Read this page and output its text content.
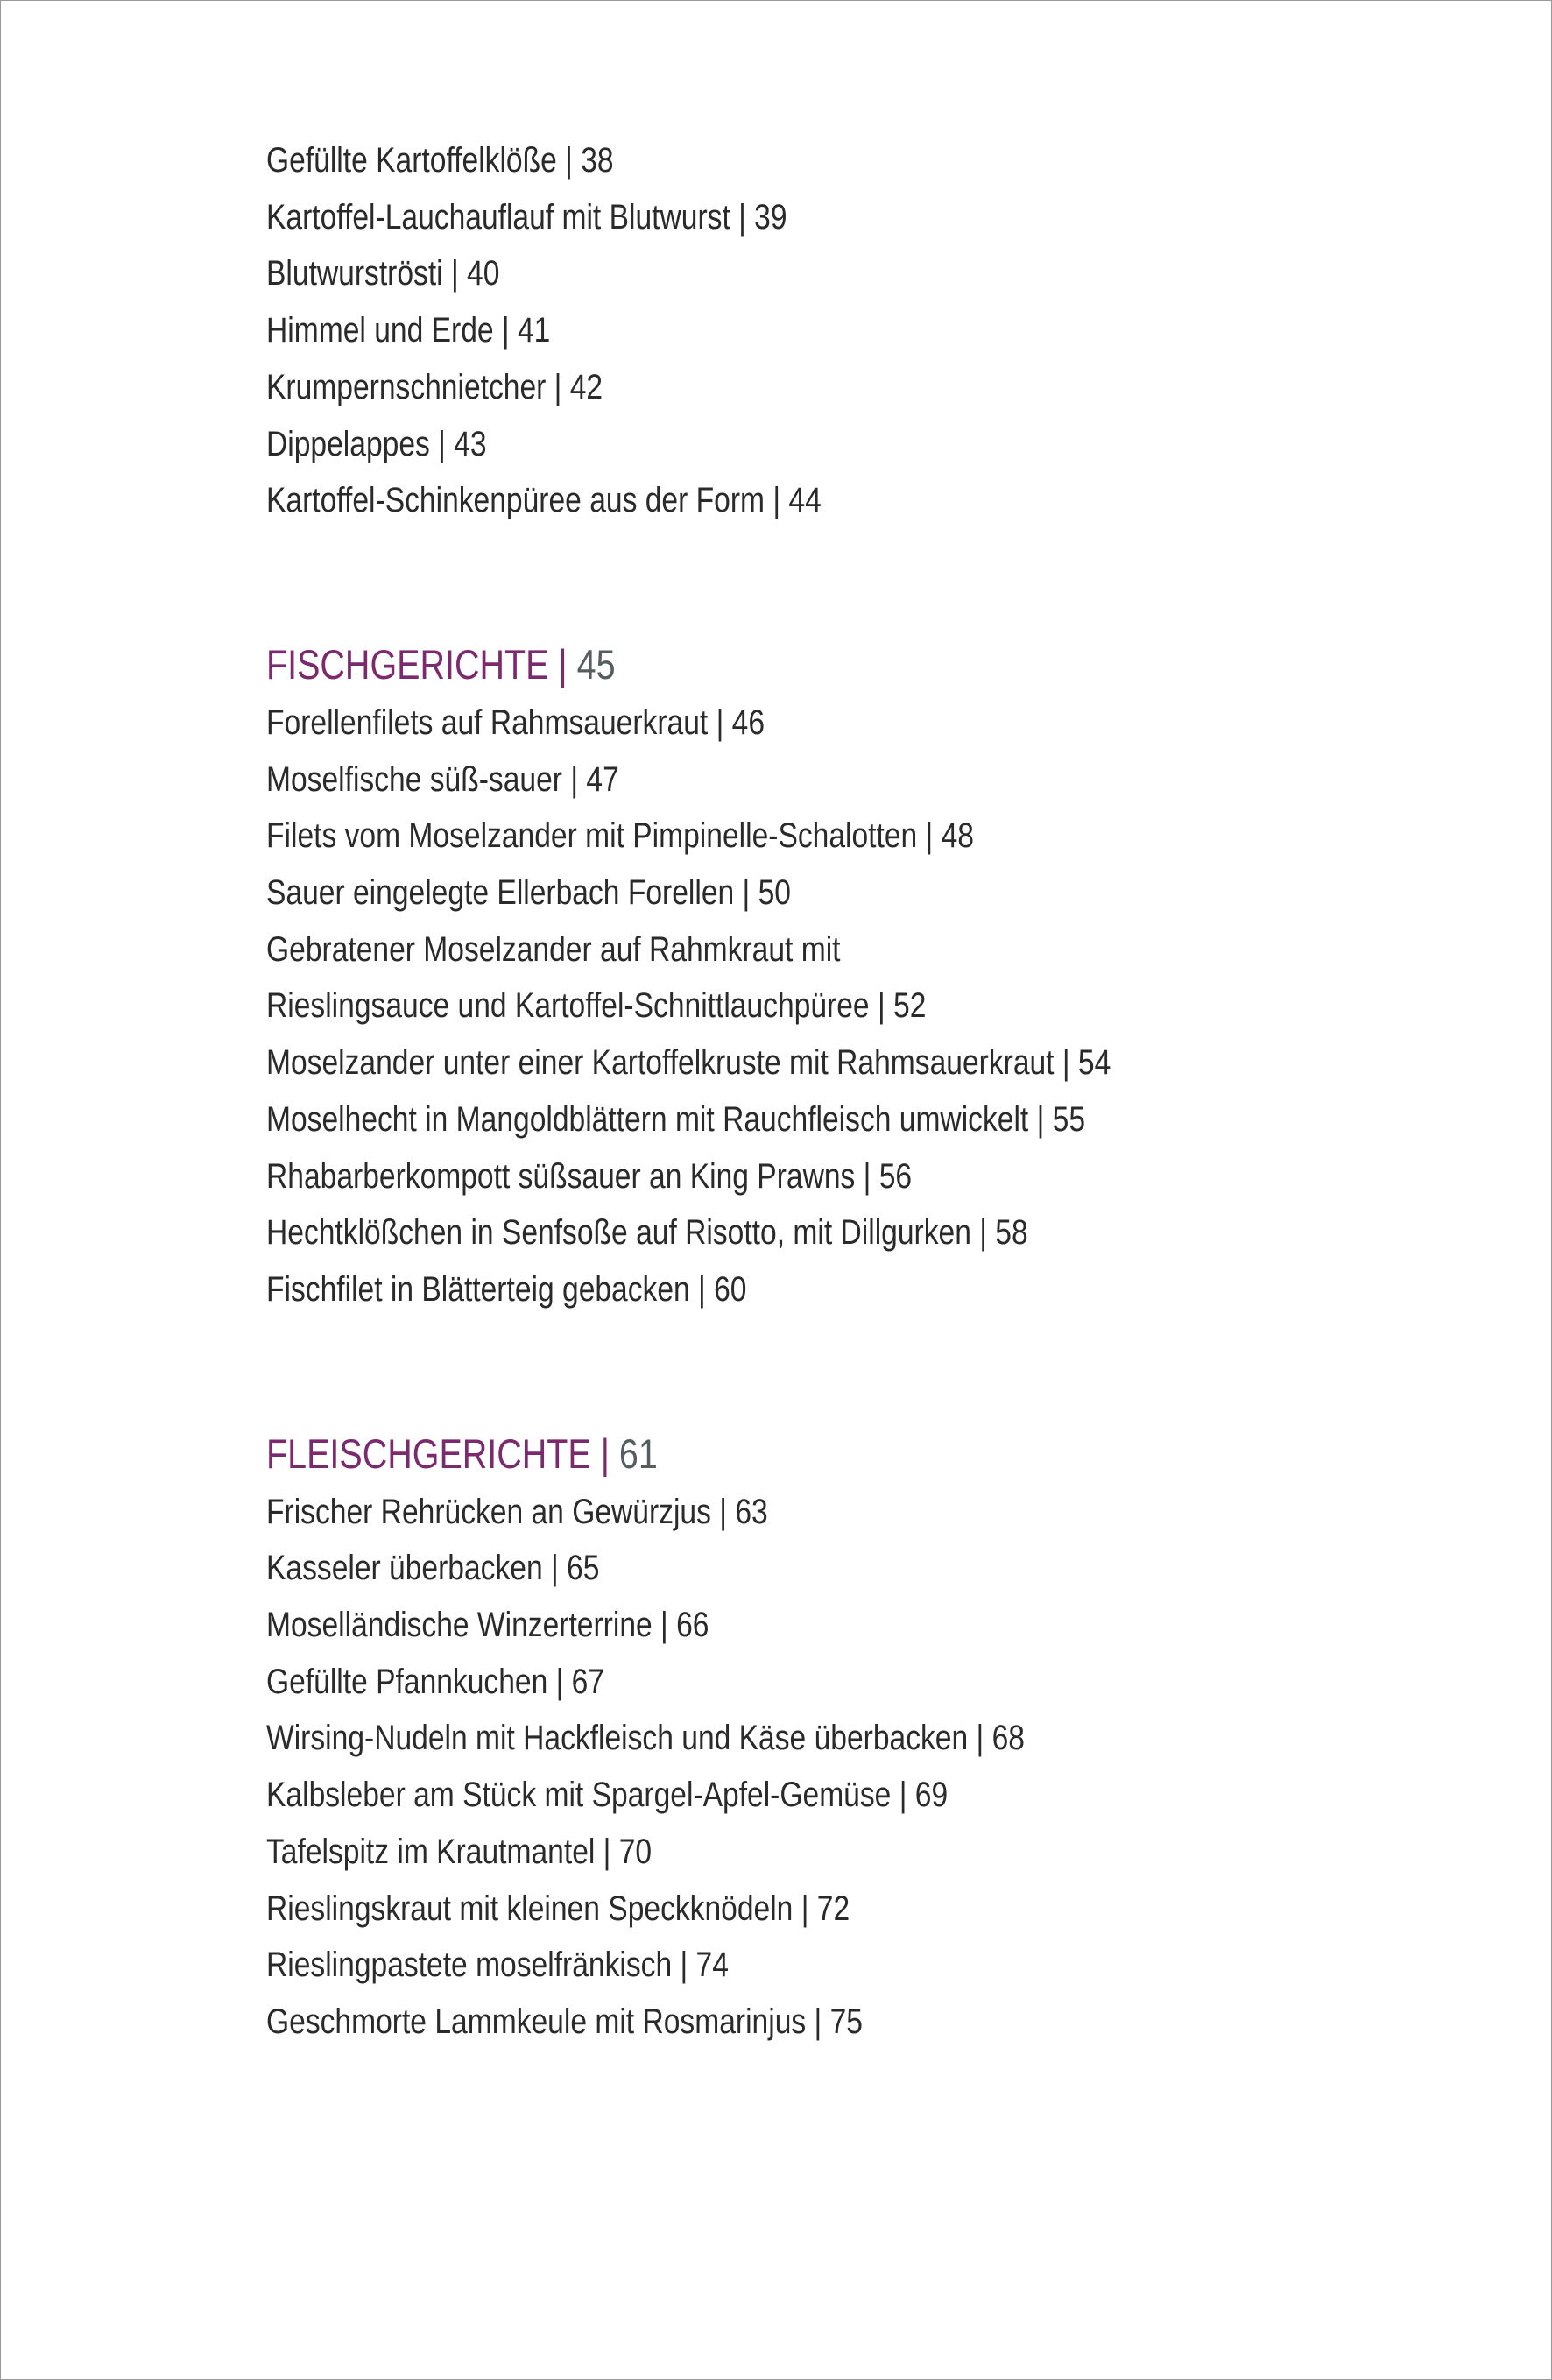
Gefüllte Kartoffelklöße | 38
Kartoffel-Lauchauflauf mit Blutwurst | 39
Blutwurströsti | 40
Himmel und Erde | 41
Krumpernschnietcher | 42
Dippelappes | 43
Kartoffel-Schinkenpüree aus der Form | 44
FISCHGERICHTE | 45
Forellenfilets auf Rahmsauerkraut | 46
Moselfische süß-sauer | 47
Filets vom Moselzander mit Pimpinelle-Schalotten | 48
Sauer eingelegte Ellerbach Forellen | 50
Gebratener Moselzander auf Rahmkraut mit
Rieslingsauce und Kartoffel-Schnittlauchpüree | 52
Moselzander unter einer Kartoffelkruste mit Rahmsauerkraut | 54
Moselhecht in Mangoldblättern mit Rauchfleisch umwickelt | 55
Rhabarberkompott süßsauer an King Prawns | 56
Hechtklößchen in Senfsoße auf Risotto, mit Dillgurken | 58
Fischfilet in Blätterteig gebacken | 60
FLEISCHGERICHTE | 61
Frischer Rehrücken an Gewürzjus | 63
Kasseler überbacken | 65
Moselländische Winzerterrine | 66
Gefüllte Pfannkuchen | 67
Wirsing-Nudeln mit Hackfleisch und Käse überbacken | 68
Kalbsleber am Stück mit Spargel-Apfel-Gemüse | 69
Tafelspitz im Krautmantel | 70
Rieslingskraut mit kleinen Speckknödeln | 72
Rieslingpastete moselfränkisch | 74
Geschmorte Lammkeule mit Rosmarinjus | 75
